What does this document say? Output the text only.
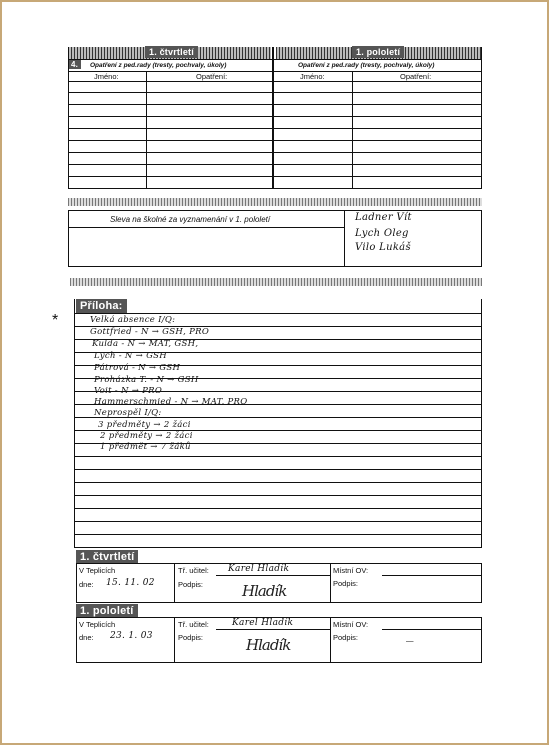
1. čtvrtletí	1. pololetí
4.	Opatření z ped.rady (tresty, pochvaly, úkoly)	Opatření z ped.rady (tresty, pochvaly, úkoly)
Jméno:	Opatření:	Jméno:	Opatření:
Sleva na školné za vyznamenání v 1. pololetí	Ladner Vít
Lych Oleg
Vilo Lukáš
Příloha:
*	Velká absence I/Q:
Gottfried - N → GSH, PRO
Kulda - N → MAT, GSH,
Lych - N → GSH
Pátrová - N → GSH
Proházka T. - N → GSH
Voit - N → PRO
Hammerschmied - N → MAT, PRO
Neprospěl I/Q:
3 předměty → 2 žáci
2 předměty → 2 žáci
1 předmět → 7 žáků
1. čtvrtletí
V Teplicích
dne: 15. 11. 02
Tř. učitel: Karel Hladík
Podpis:	Hladík
Místní OV:
Podpis:
1. pololetí
V Teplicích
dne: 23. 1. 03
Tř. učitel:	Karel Hladík
Podpis:	Hladík
Místní OV:
Podpis:	—
